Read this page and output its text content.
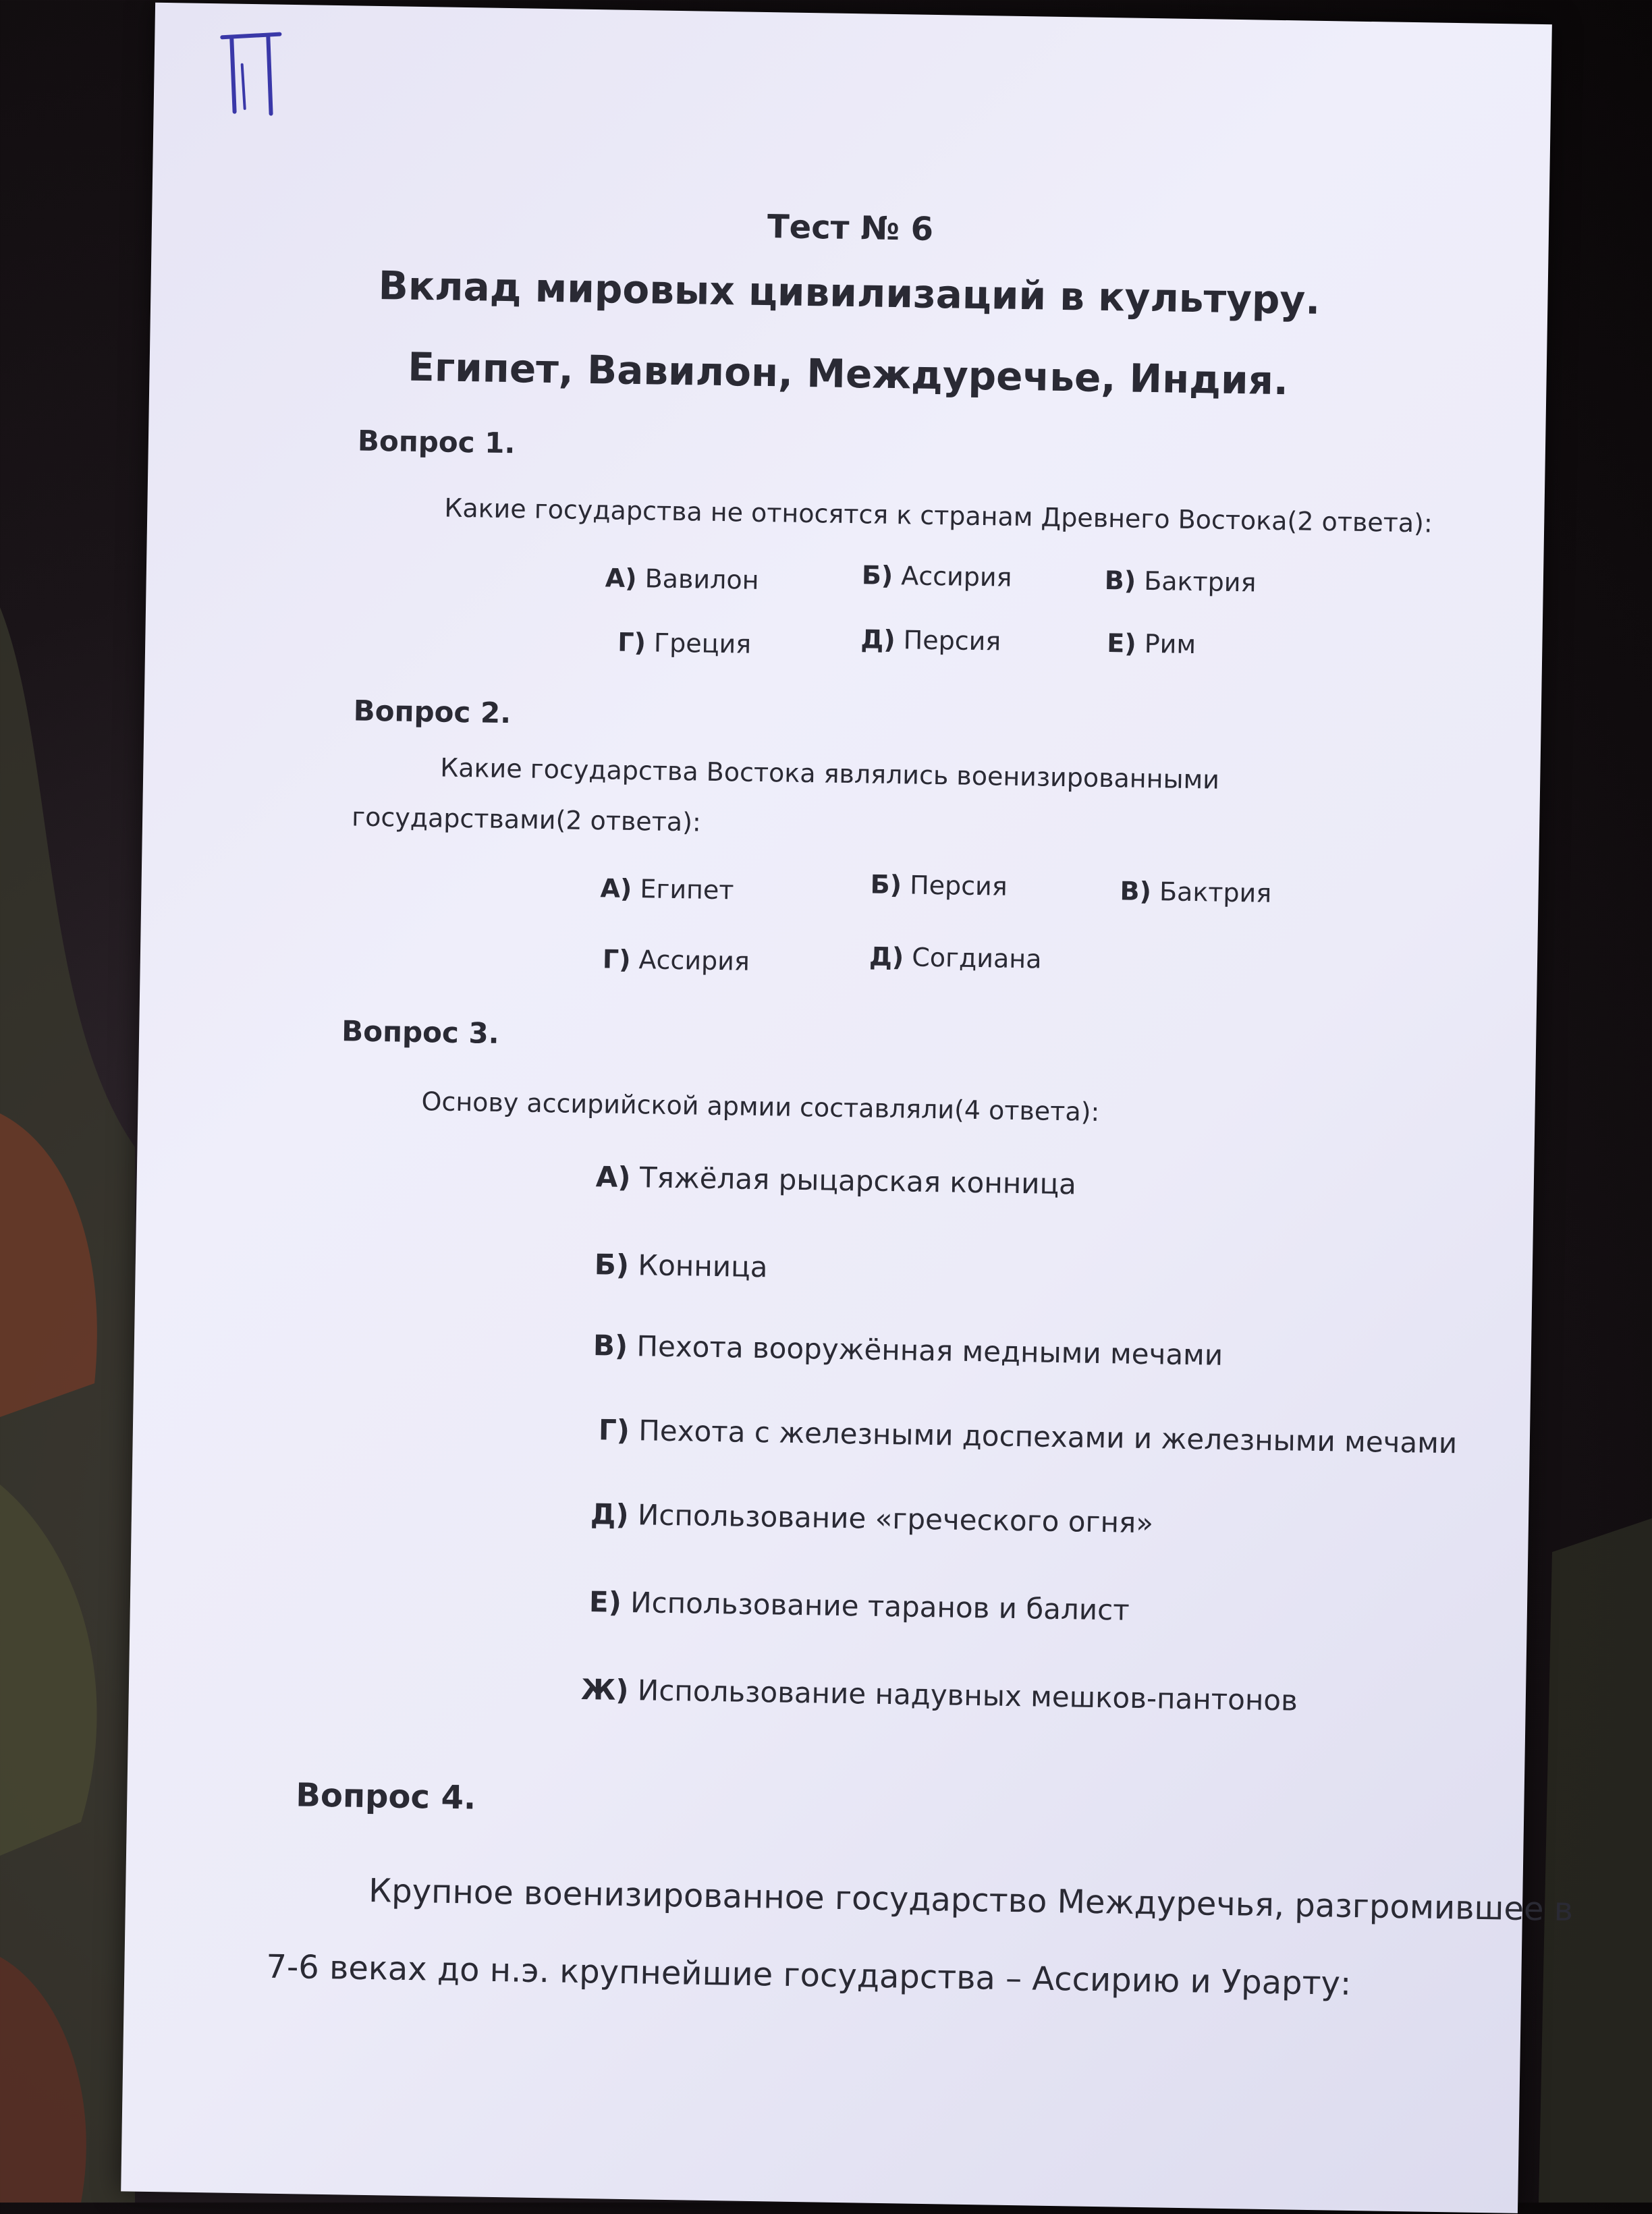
Тест № 6
Вклад мировых цивилизаций в культуру.
Египет, Вавилон, Междуречье, Индия.
Вопрос 1.
Какие государства не относятся к странам Древнего Востока(2 ответа):
А) Вавилон	Б) Ассирия	В) Бактрия
Г) Греция	Д) Персия	Е) Рим
Вопрос 2.
Какие государства Востока являлись военизированными
государствами(2 ответа):
А) Египет	Б) Персия	В) Бактрия
Г) Ассирия	Д) Согдиана
Вопрос 3.
Основу ассирийской армии составляли(4 ответа):
А) Тяжёлая рыцарская конница
Б) Конница
В) Пехота вооружённая медными мечами
Г) Пехота с железными доспехами и железными мечами
Д) Использование «греческого огня»
Е) Использование таранов и балист
Ж) Использование надувных мешков-пантонов
Вопрос 4.
Крупное военизированное государство Междуречья, разгромившее в
7-6 веках до н.э. крупнейшие государства – Ассирию и Урарту:
